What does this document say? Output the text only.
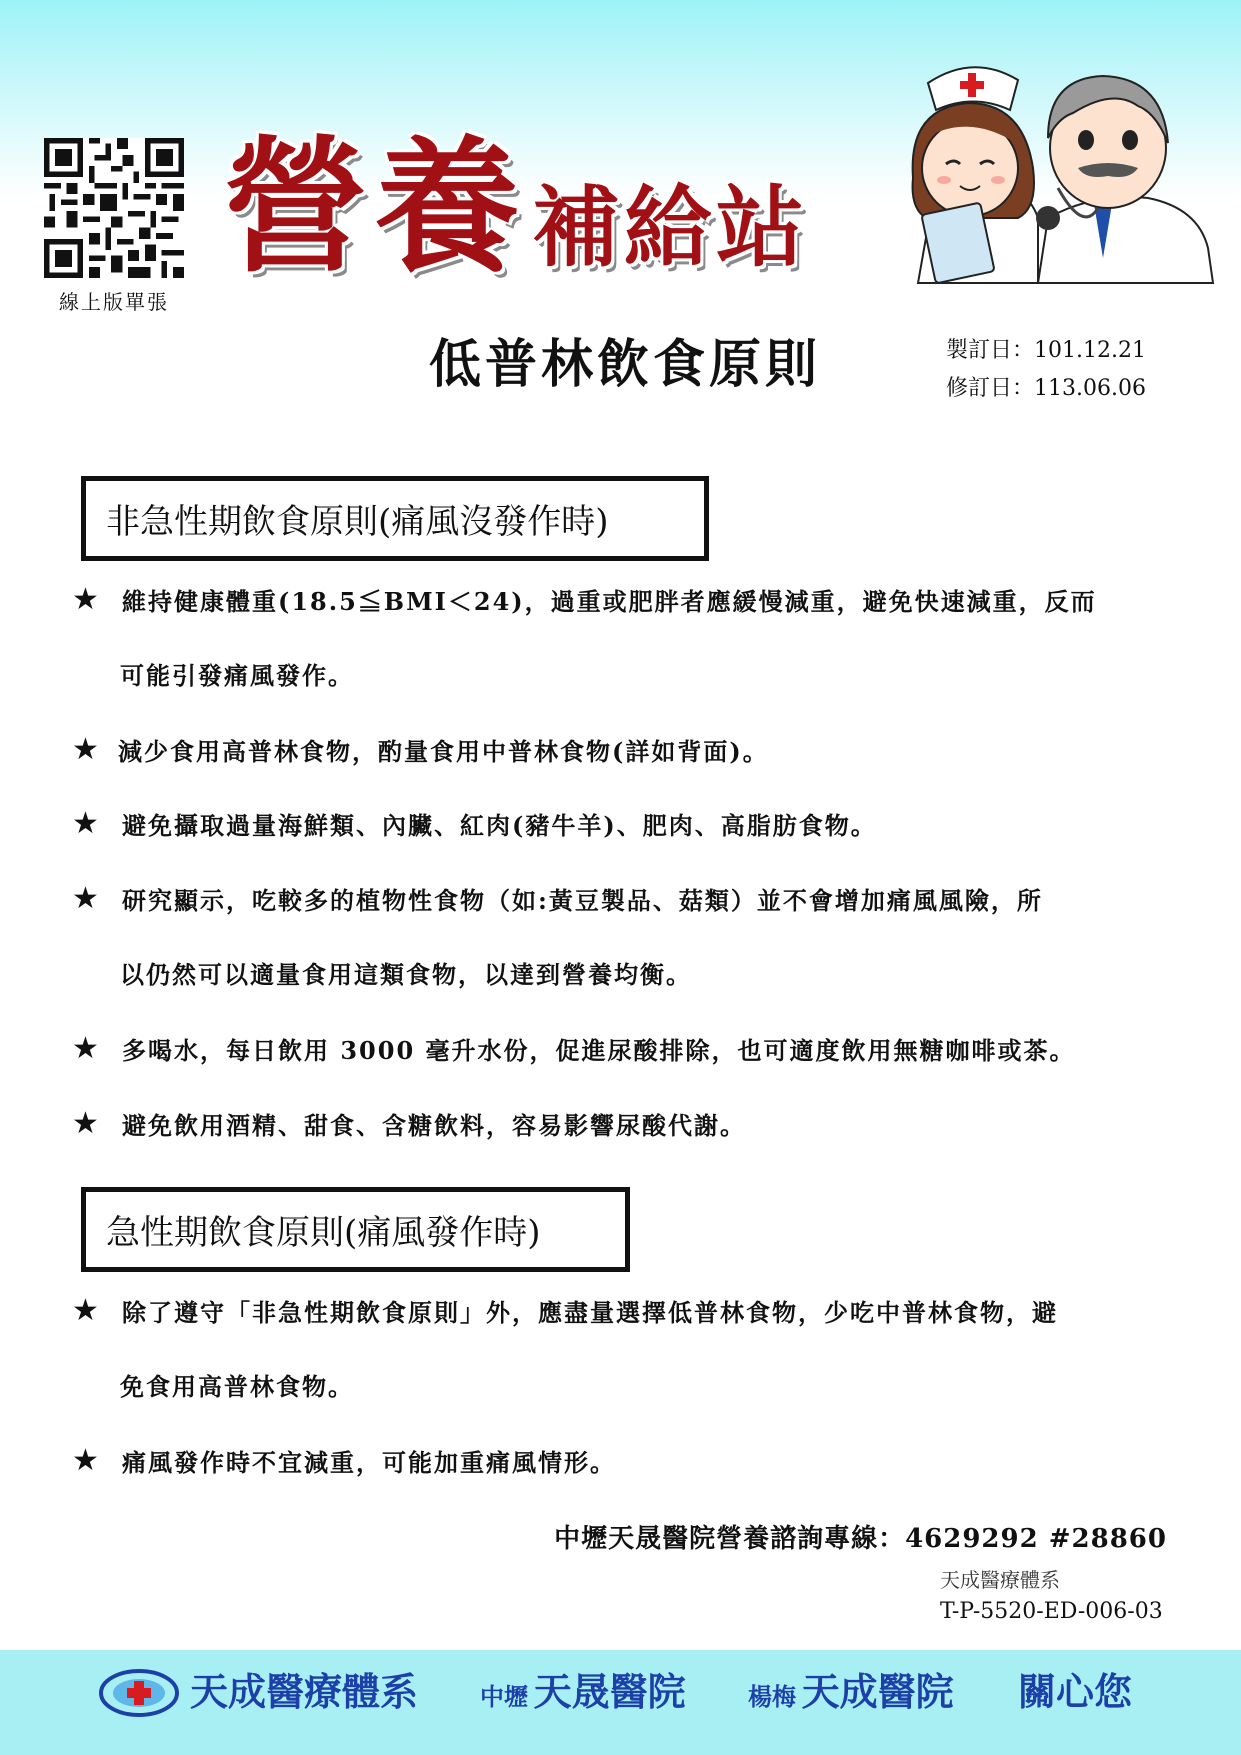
線上版單張
營養補給站
低普林飲食原則	製訂日：101.12.21
修訂日：113.06.06
非急性期飲食原則(痛風沒發作時)
★ 維持健康體重(18.5≦BMI＜24)，過重或肥胖者應緩慢減重，避免快速減重，反而
可能引發痛風發作。
★ 減少食用高普林食物，酌量食用中普林食物(詳如背面)。
★ 避免攝取過量海鮮類、內臟、紅肉(豬牛羊)、肥肉、高脂肪食物。
★ 研究顯示，吃較多的植物性食物（如:黃豆製品、菇類）並不會增加痛風風險，所
以仍然可以適量食用這類食物，以達到營養均衡。
★ 多喝水，每日飲用 3000 毫升水份，促進尿酸排除，也可適度飲用無糖咖啡或茶。
★ 避免飲用酒精、甜食、含糖飲料，容易影響尿酸代謝。
急性期飲食原則(痛風發作時)
★ 除了遵守「非急性期飲食原則」外，應盡量選擇低普林食物，少吃中普林食物，避
免食用高普林食物。
★ 痛風發作時不宜減重，可能加重痛風情形。
中壢天晟醫院營養諮詢專線：4629292 #28860
天成醫療體系
T-P-5520-ED-006-03
天成醫療體系	中壢 天晟醫院	楊梅 天成醫院 關心您
